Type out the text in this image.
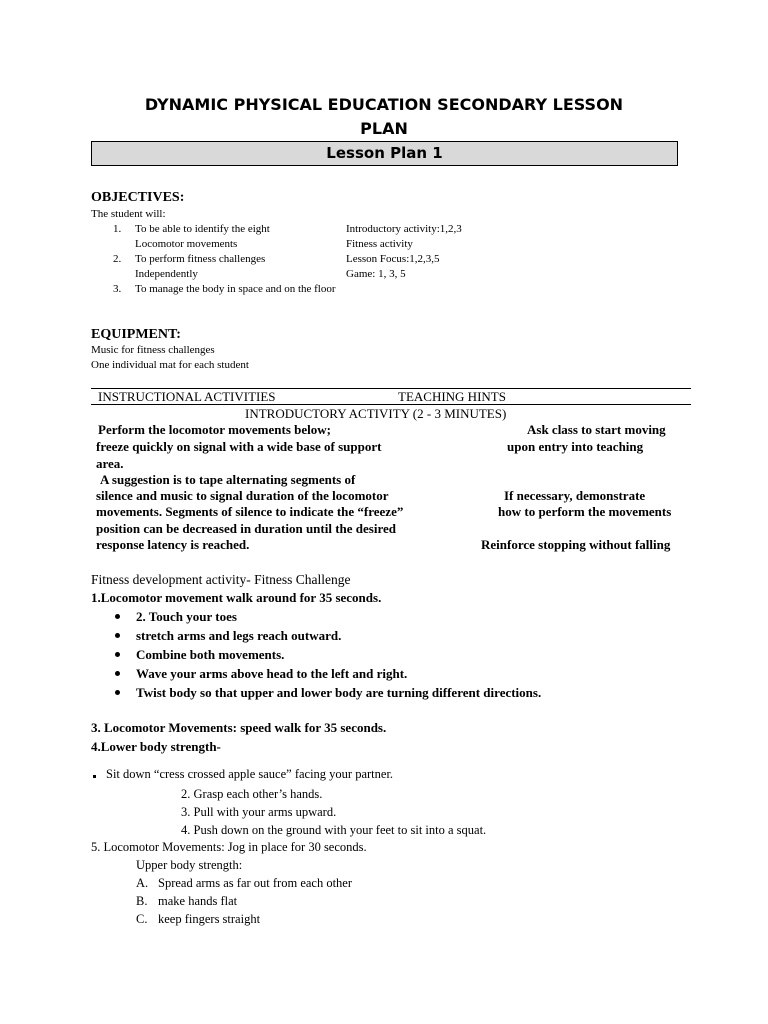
DYNAMIC PHYSICAL EDUCATION SECONDARY LESSON
PLAN
Lesson Plan 1
OBJECTIVES:
The student will:
1. To be able to identify the eight
Locomotor movements
Introductory activity:1,2,3
Fitness activity
2. To perform fitness challenges
Independently
Lesson Focus:1,2,3,5
Game: 1, 3, 5
3. To manage the body in space and on the floor
EQUIPMENT:
Music for fitness challenges
One individual mat for each student
INSTRUCTIONAL ACTIVITIES	TEACHING HINTS
INTRODUCTORY ACTIVITY (2 - 3 MINUTES)
Perform the locomotor movements below;
freeze quickly on signal with a wide base of support
area.
A suggestion is to tape alternating segments of
silence and music to signal duration of the locomotor
movements. Segments of silence to indicate the “freeze”
position can be decreased in duration until the desired
response latency is reached.
Ask class to start moving
upon entry into teaching
If necessary, demonstrate
how to perform the movements
Reinforce stopping without falling
Fitness development activity- Fitness Challenge
1.Locomotor movement walk around for 35 seconds.
2. Touch your toes
stretch arms and legs reach outward.
Combine both movements.
Wave your arms above head to the left and right.
Twist body so that upper and lower body are turning different directions.
3. Locomotor Movements: speed walk for 35 seconds.
4.Lower body strength-
Sit down “cress crossed apple sauce” facing your partner.
2. Grasp each other’s hands.
3. Pull with your arms upward.
4. Push down on the ground with your feet to sit into a squat.
5. Locomotor Movements: Jog in place for 30 seconds.
Upper body strength:
A. Spread arms as far out from each other
B. make hands flat
C. keep fingers straight
